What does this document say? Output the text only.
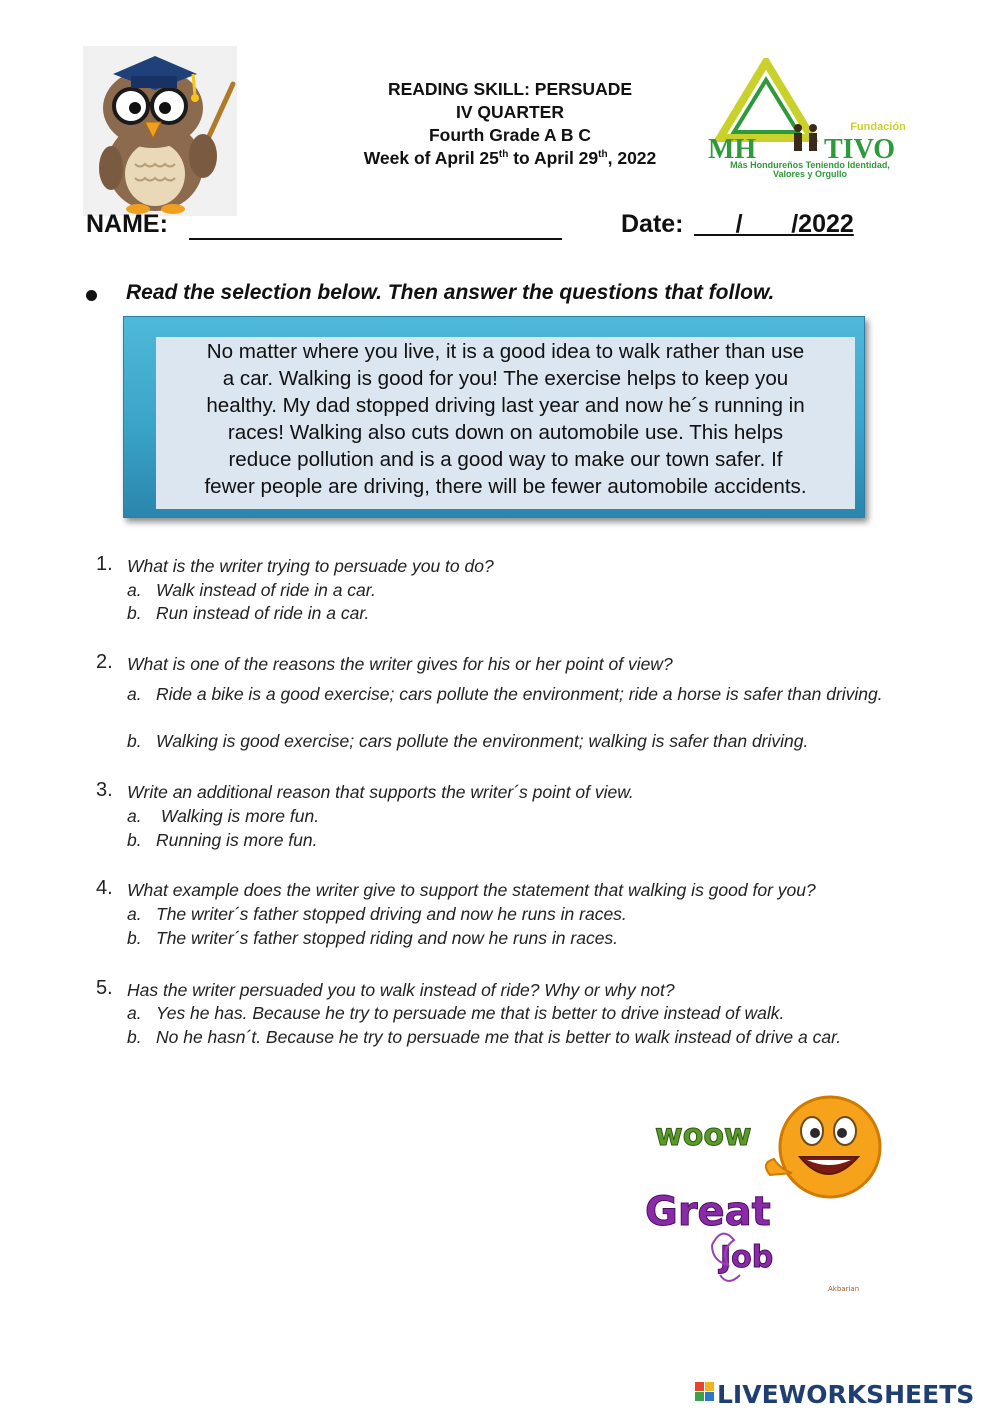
READING SKILL: PERSUADE
IV QUARTER
Fourth Grade A B C
Week of April 25th to April 29th, 2022
Fundación
MH TIVO
Más Hondureños Teniendo Identidad,
Valores y Orgullo
NAME:	Date: /       /2022
Read the selection below. Then answer the questions that follow.
No matter where you live, it is a good idea to walk rather than use
a car. Walking is good for you! The exercise helps to keep you
healthy. My dad stopped driving last year and now he´s running in
races! Walking also cuts down on automobile use. This helps
reduce pollution and is a good way to make our town safer. If
fewer people are driving, there will be fewer automobile accidents.
1. What is the writer trying to persuade you to do?
a. Walk instead of ride in a car.
b. Run instead of ride in a car.
2. What is one of the reasons the writer gives for his or her point of view?
a. Ride a bike is a good exercise; cars pollute the environment; ride a horse is safer than driving.
b. Walking is good exercise; cars pollute the environment; walking is safer than driving.
3. Write an additional reason that supports the writer´s point of view.
a. Walking is more fun.
b. Running is more fun.
4. What example does the writer give to support the statement that walking is good for you?
a. The writer´s father stopped driving and now he runs in races.
b. The writer´s father stopped riding and now he runs in races.
5. Has the writer persuaded you to walk instead of ride? Why or why not?
a. Yes he has. Because he try to persuade me that is better to drive instead of walk.
b. No he hasn´t. Because he try to persuade me that is better to walk instead of drive a car.
woow
Great
Job
Akbarian
LIVEWORKSHEETS
